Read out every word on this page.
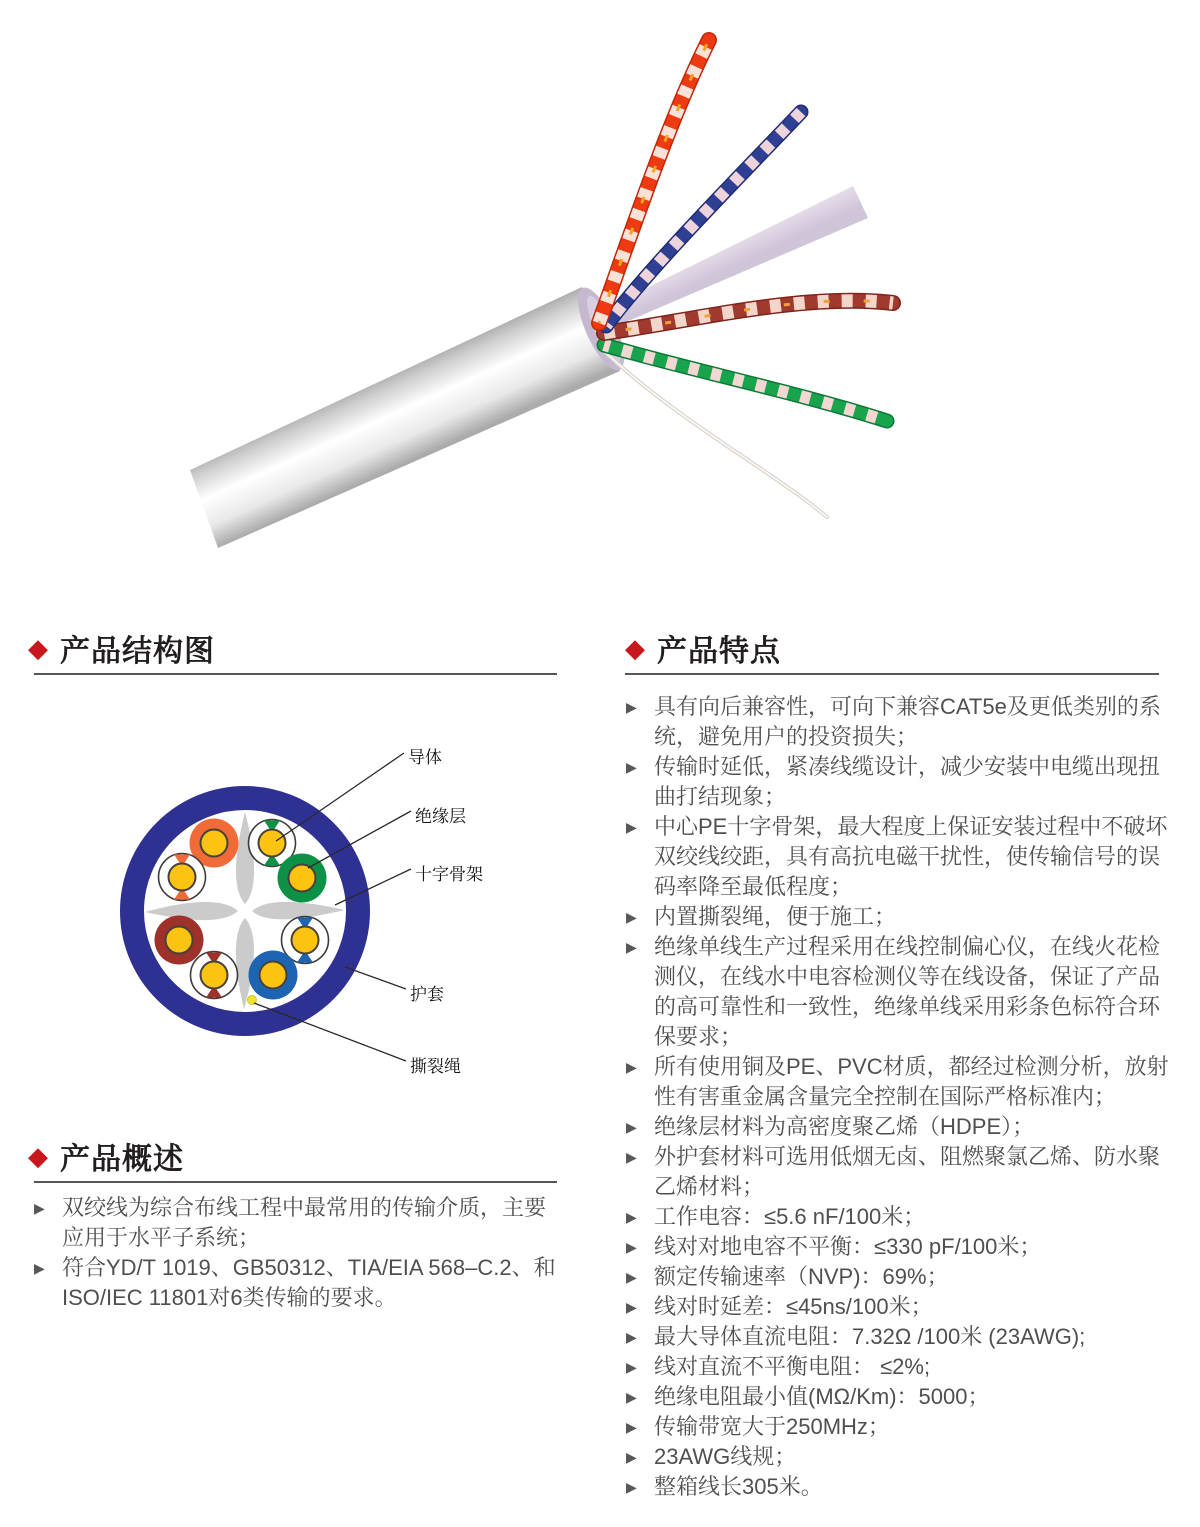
◆ 产品结构图
导体
绝缘层
十字骨架
护套
撕裂绳
◆ 产品概述
▶ 双绞线为综合布线工程中最常用的传输介质，主要应用于水平子系统；
▶ 符合YD/T 1019、GB50312、TIA/EIA 568–C.2、和ISO/IEC 11801对6类传输的要求。
◆ 产品特点
▶ 具有向后兼容性，可向下兼容CAT5e及更低类别的系统，避免用户的投资损失；
▶ 传输时延低，紧凑线缆设计，减少安装中电缆出现扭曲打结现象；
▶ 中心PE十字骨架，最大程度上保证安装过程中不破坏双绞线绞距，具有高抗电磁干扰性，使传输信号的误码率降至最低程度；
▶ 内置撕裂绳，便于施工；
▶ 绝缘单线生产过程采用在线控制偏心仪，在线火花检测仪，在线水中电容检测仪等在线设备，保证了产品的高可靠性和一致性，绝缘单线采用彩条色标符合环保要求；
▶ 所有使用铜及PE、PVC材质，都经过检测分析，放射性有害重金属含量完全控制在国际严格标准内；
▶ 绝缘层材料为高密度聚乙烯（HDPE）；
▶ 外护套材料可选用低烟无卤、阻燃聚氯乙烯、防水聚乙烯材料；
▶ 工作电容：≤5.6 nF/100米；
▶ 线对对地电容不平衡：≤330 pF/100米；
▶ 额定传输速率（NVP)：69%；
▶ 线对时延差：≤45ns/100米；
▶ 最大导体直流电阻：7.32Ω /100米 (23AWG);
▶ 线对直流不平衡电阻： ≤2%;
▶ 绝缘电阻最小值(MΩ/Km)：5000；
▶ 传输带宽大于250MHz；
▶ 23AWG线规；
▶ 整箱线长305米。
